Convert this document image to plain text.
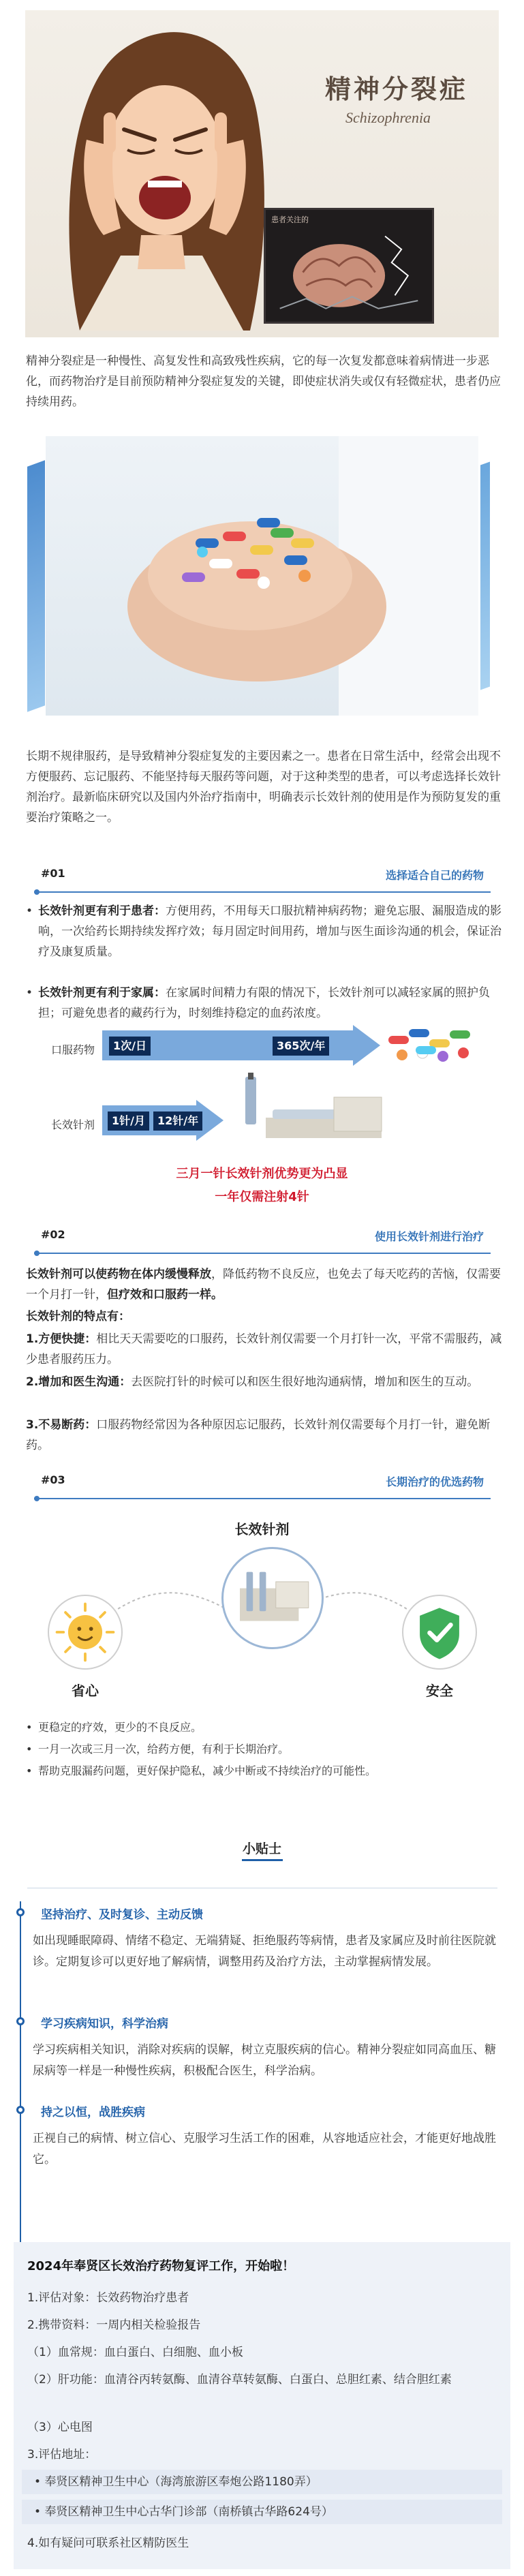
精神分裂症
Schizophrenia
患者关注的
精神分裂症是一种慢性、高复发性和高致残性疾病，它的每一次复发都意味着病情进一步恶化，而药物治疗是目前预防精神分裂症复发的关键，即使症状消失或仅有轻微症状，患者仍应持续用药。
长期不规律服药，是导致精神分裂症复发的主要因素之一。患者在日常生活中，经常会出现不方便服药、忘记服药、不能坚持每天服药等问题，对于这种类型的患者，可以考虑选择长效针剂治疗。最新临床研究以及国内外治疗指南中，明确表示长效针剂的使用是作为预防复发的重要治疗策略之一。
#01	选择适合自己的药物
• 长效针剂更有利于患者：方便用药，不用每天口服抗精神病药物；避免忘服、漏服造成的影响，一次给药长期持续发挥疗效；每月固定时间用药，增加与医生面诊沟通的机会，保证治疗及康复质量。
• 长效针剂更有利于家属：在家属时间精力有限的情况下，长效针剂可以减轻家属的照护负担；可避免患者的藏药行为，时刻维持稳定的血药浓度。
口服药物	1次/日	365次/年
长效针剂	1针/月	12针/年
三月一针长效针剂优势更为凸显
一年仅需注射4针
#02	使用长效针剂进行治疗
长效针剂可以使药物在体内缓慢释放，降低药物不良反应，也免去了每天吃药的苦恼，仅需要一个月打一针，但疗效和口服药一样。
长效针剂的特点有：
1.方便快捷：相比天天需要吃的口服药，长效针剂仅需要一个月打针一次，平常不需服药，减少患者服药压力。
2.增加和医生沟通：去医院打针的时候可以和医生很好地沟通病情，增加和医生的互动。
3.不易断药：口服药物经常因为各种原因忘记服药，长效针剂仅需要每个月打一针，避免断药。
#03	长期治疗的优选药物
长效针剂
省心	安全
• 更稳定的疗效，更少的不良反应。
• 一月一次或三月一次，给药方便，有利于长期治疗。
• 帮助克服漏药问题，更好保护隐私，减少中断或不持续治疗的可能性。
小贴士
坚持治疗、及时复诊、主动反馈
如出现睡眠障碍、情绪不稳定、无端猜疑、拒绝服药等病情，患者及家属应及时前往医院就诊。定期复诊可以更好地了解病情，调整用药及治疗方法，主动掌握病情发展。
学习疾病知识，科学治病
学习疾病相关知识，消除对疾病的误解，树立克服疾病的信心。精神分裂症如同高血压、糖尿病等一样是一种慢性疾病，积极配合医生，科学治病。
持之以恒，战胜疾病
正视自己的病情、树立信心、克服学习生活工作的困难，从容地适应社会，才能更好地战胜它。
2024年奉贤区长效治疗药物复评工作，开始啦！
1.评估对象：长效药物治疗患者
2.携带资料：一周内相关检验报告
（1）血常规：血白蛋白、白细胞、血小板
（2）肝功能：血清谷丙转氨酶、血清谷草转氨酶、白蛋白、总胆红素、结合胆红素
（3）心电图
3.评估地址：
• 奉贤区精神卫生中心（海湾旅游区奉炮公路1180弄）
• 奉贤区精神卫生中心古华门诊部（南桥镇古华路624号）
4.如有疑问可联系社区精防医生
